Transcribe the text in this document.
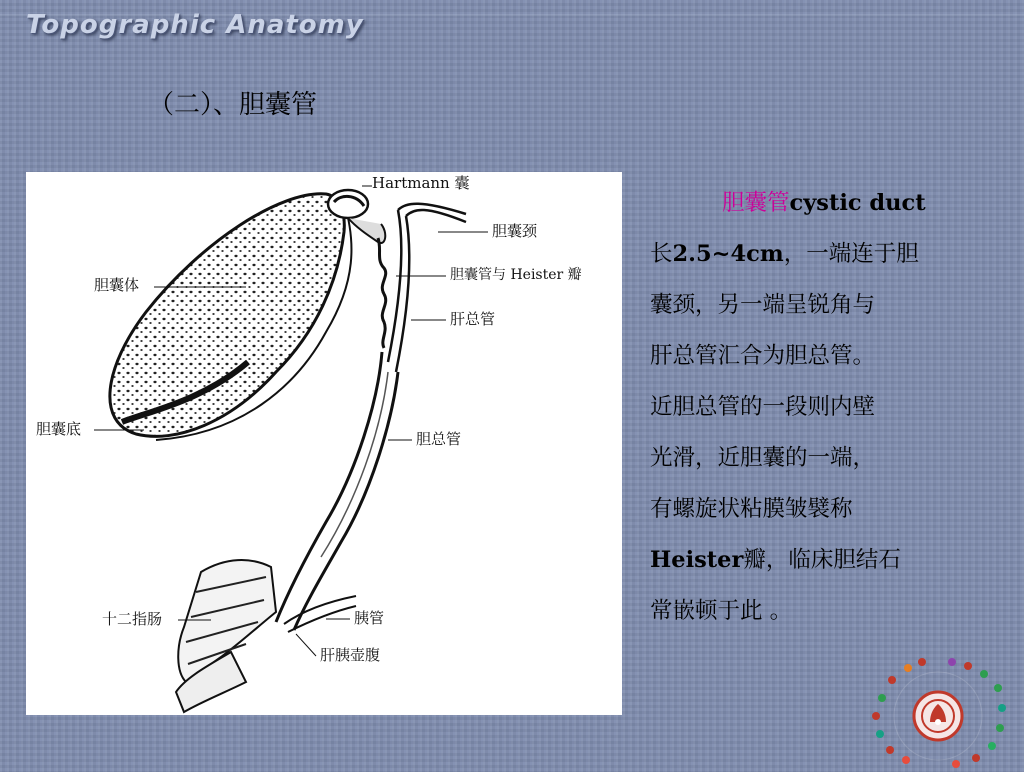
Topographic Anatomy
（二）、胆囊管
Hartmann 囊
胆囊颈
胆囊体
胆囊管与 Heister 瓣
肝总管
胆囊底
胆总管
十二指肠	胰管
肝胰壶腹
胆囊管cystic duct
长2.5~4cm，一端连于胆
囊颈，另一端呈锐角与
肝总管汇合为胆总管。
近胆总管的一段则内壁
光滑，近胆囊的一端，
有螺旋状粘膜皱襞称
Heister瓣，临床胆结石
常嵌顿于此 。
